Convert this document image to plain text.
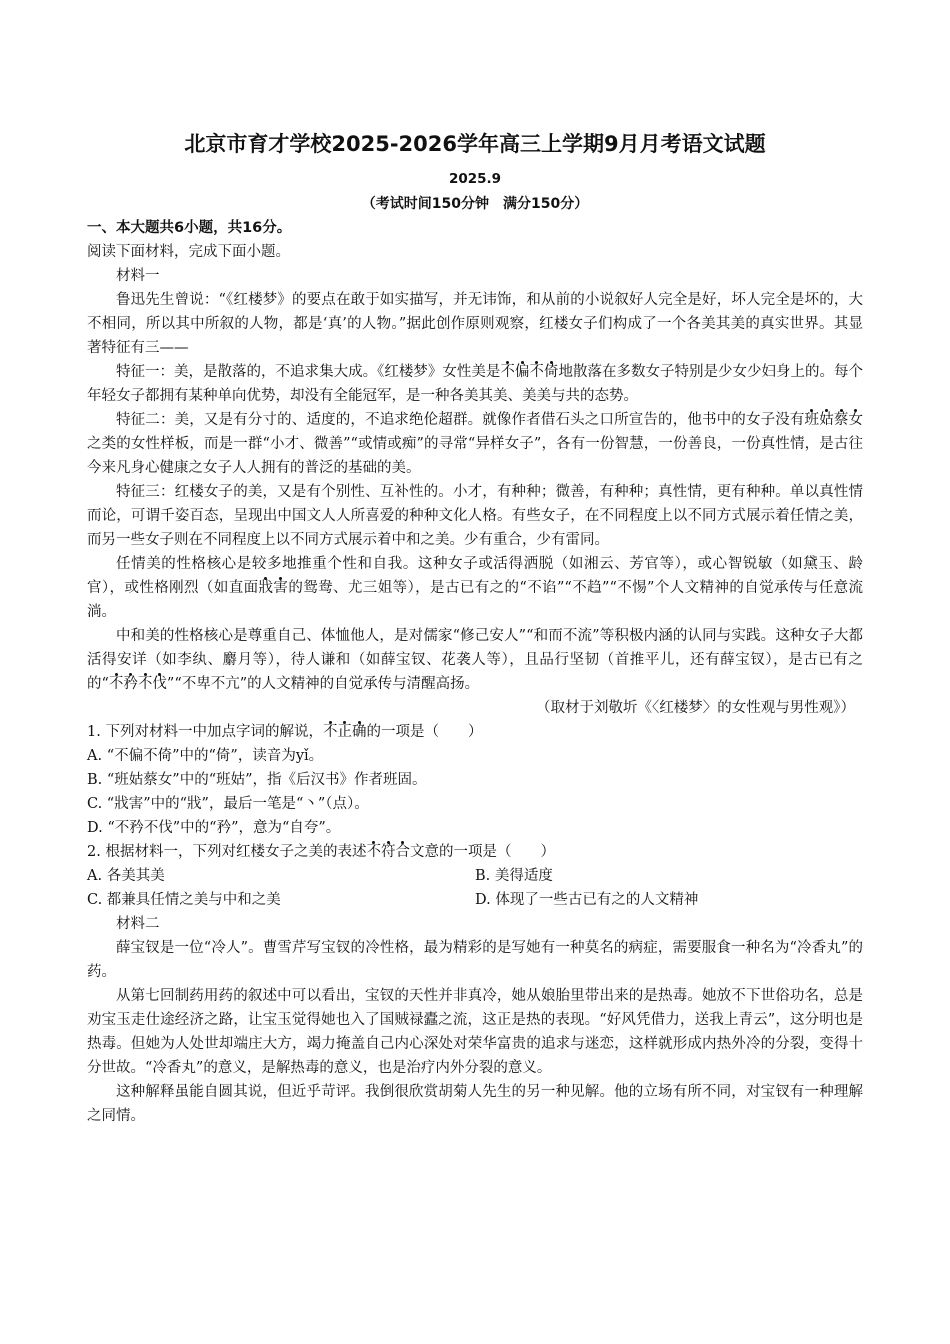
北京市育才学校2025-2026学年高三上学期9月月考语文试题
2025.9
（考试时间150分钟　满分150分）

一、本大题共6小题，共16分。

阅读下面材料，完成下面小题。

材料一

鲁迅先生曾说：“《红楼梦》的要点在敢于如实描写，并无讳饰，和从前的小说叙好人完全是好，坏人完全是坏的，大不相同，所以其中所叙的人物，都是‘真’的人物。”据此创作原则观察，红楼女子们构成了一个各美其美的真实世界。其显著特征有三——

特征一：美，是散落的，不追求集大成。《红楼梦》女性美是不偏不倚地散落在多数女子特别是少女少妇身上的。每个年轻女子都拥有某种单向优势，却没有全能冠军，是一种各美其美、美美与共的态势。

特征二：美，又是有分寸的、适度的，不追求绝伦超群。就像作者借石头之口所宣告的，他书中的女子没有班姑蔡女之类的女性样板，而是一群“小才、微善”“或情或痴”的寻常“异样女子”，各有一份智慧，一份善良，一份真性情，是古往今来凡身心健康之女子人人拥有的普泛的基础的美。

特征三：红楼女子的美，又是有个别性、互补性的。小才，有种种；微善，有种种；真性情，更有种种。单以真性情而论，可谓千姿百态，呈现出中国文人人所喜爱的种种文化人格。有些女子，在不同程度上以不同方式展示着任情之美，而另一些女子则在不同程度上以不同方式展示着中和之美。少有重合，少有雷同。

任情美的性格核心是较多地推重个性和自我。这种女子或活得洒脱（如湘云、芳官等），或心智锐敏（如黛玉、龄官），或性格刚烈（如直面戕害的鸳鸯、尤三姐等），是古已有之的“不谄”“不趋”“不惕”个人文精神的自觉承传与任意流淌。

中和美的性格核心是尊重自己、体恤他人，是对儒家“修己安人”“和而不流”等积极内涵的认同与实践。这种女子大都活得安详（如李纨、麝月等），待人谦和（如薛宝钗、花袭人等），且品行坚韧（首推平儿，还有薛宝钗），是古已有之的“不矜不伐”“不卑不亢”的人文精神的自觉承传与清醒高扬。

（取材于刘敬圻《〈红楼梦〉的女性观与男性观》）

1. 下列对材料一中加点字词的解说，不正确的一项是（　　）

A. “不偏不倚”中的“倚”，读音为yǐ。

B. “班姑蔡女”中的“班姑”，指《后汉书》作者班固。

C. “戕害”中的“戕”，最后一笔是“丶”（点）。

D. “不矜不伐”中的“矜”，意为“自夸”。

2. 根据材料一，下列对红楼女子之美的表述不符合文意的一项是（　　）

A. 各美其美	B. 美得适度
C. 都兼具任情之美与中和之美	D. 体现了一些古已有之的人文精神

材料二

薛宝钗是一位“冷人”。曹雪芹写宝钗的冷性格，最为精彩的是写她有一种莫名的病症，需要服食一种名为“冷香丸”的药。

从第七回制药用药的叙述中可以看出，宝钗的天性并非真冷，她从娘胎里带出来的是热毒。她放不下世俗功名，总是劝宝玉走仕途经济之路，让宝玉觉得她也入了国贼禄蠹之流，这正是热的表现。“好风凭借力，送我上青云”，这分明也是热毒。但她为人处世却端庄大方，竭力掩盖自己内心深处对荣华富贵的追求与迷恋，这样就形成内热外冷的分裂，变得十分世故。“冷香丸”的意义，是解热毒的意义，也是治疗内外分裂的意义。

这种解释虽能自圆其说，但近乎苛评。我倒很欣赏胡菊人先生的另一种见解。他的立场有所不同，对宝钗有一种理解之同情。
